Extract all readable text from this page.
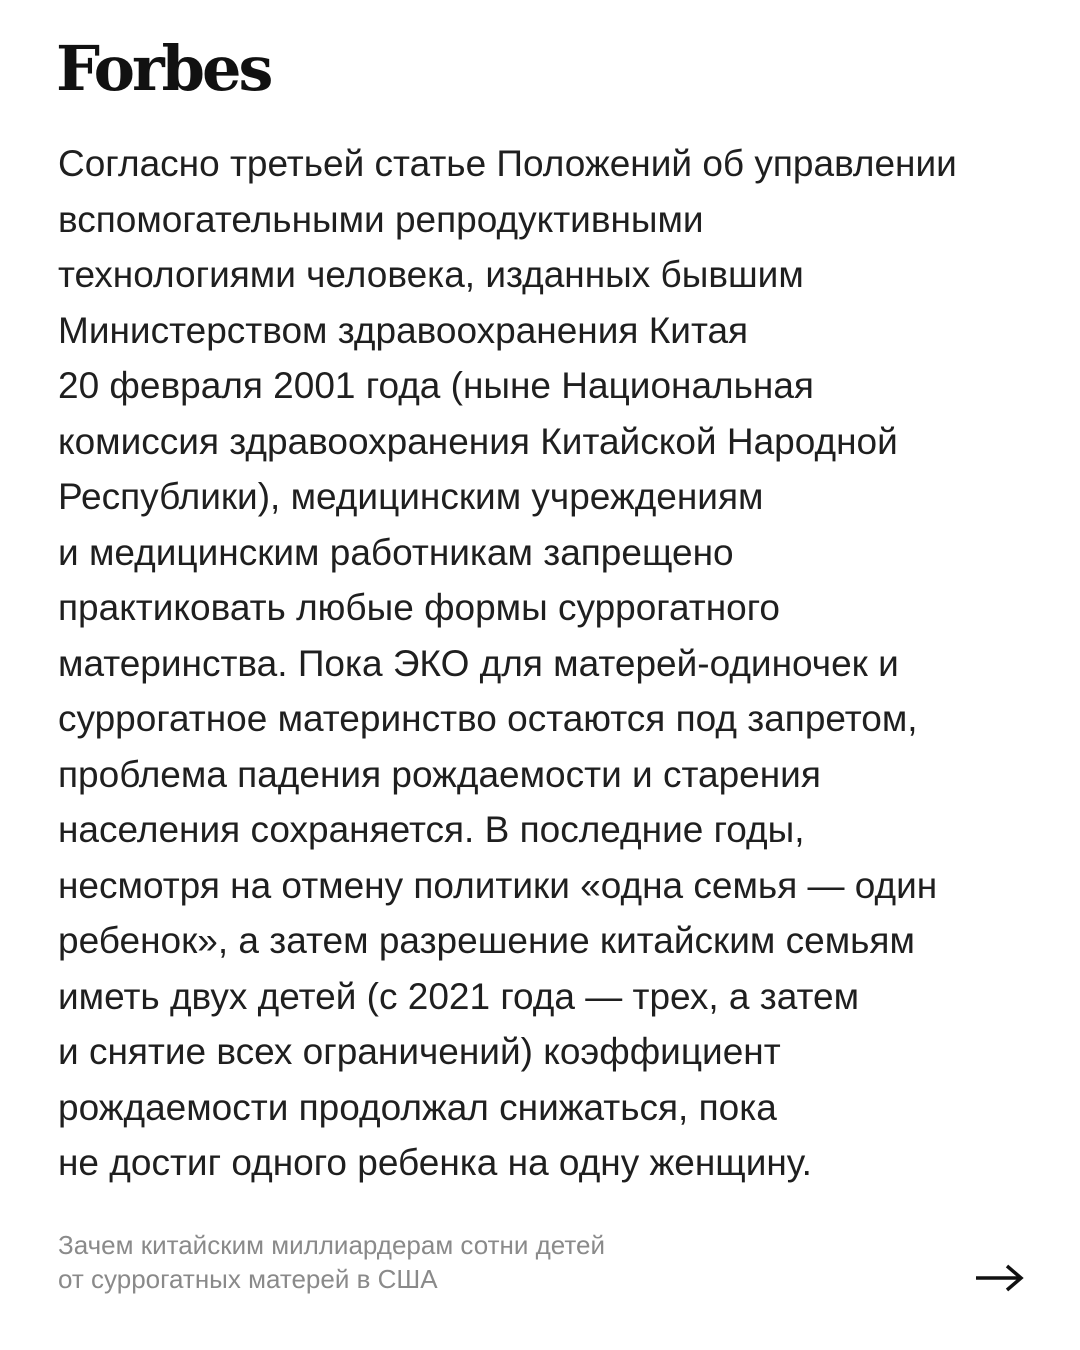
Forbes
Согласно третьей статье Положений об управлении
вспомогательными репродуктивными
технологиями человека, изданных бывшим
Министерством здравоохранения Китая
20 февраля 2001 года (ныне Национальная
комиссия здравоохранения Китайской Народной
Республики), медицинским учреждениям
и медицинским работникам запрещено
практиковать любые формы суррогатного
материнства. Пока ЭКО для матерей-одиночек и
суррогатное материнство остаются под запретом,
проблема падения рождаемости и старения
населения сохраняется. В последние годы,
несмотря на отмену политики «одна семья — один
ребенок», а затем разрешение китайским семьям
иметь двух детей (с 2021 года — трех, а затем
и снятие всех ограничений) коэффициент
рождаемости продолжал снижаться, пока
не достиг одного ребенка на одну женщину.
Зачем китайским миллиардерам сотни детей
от суррогатных матерей в США
